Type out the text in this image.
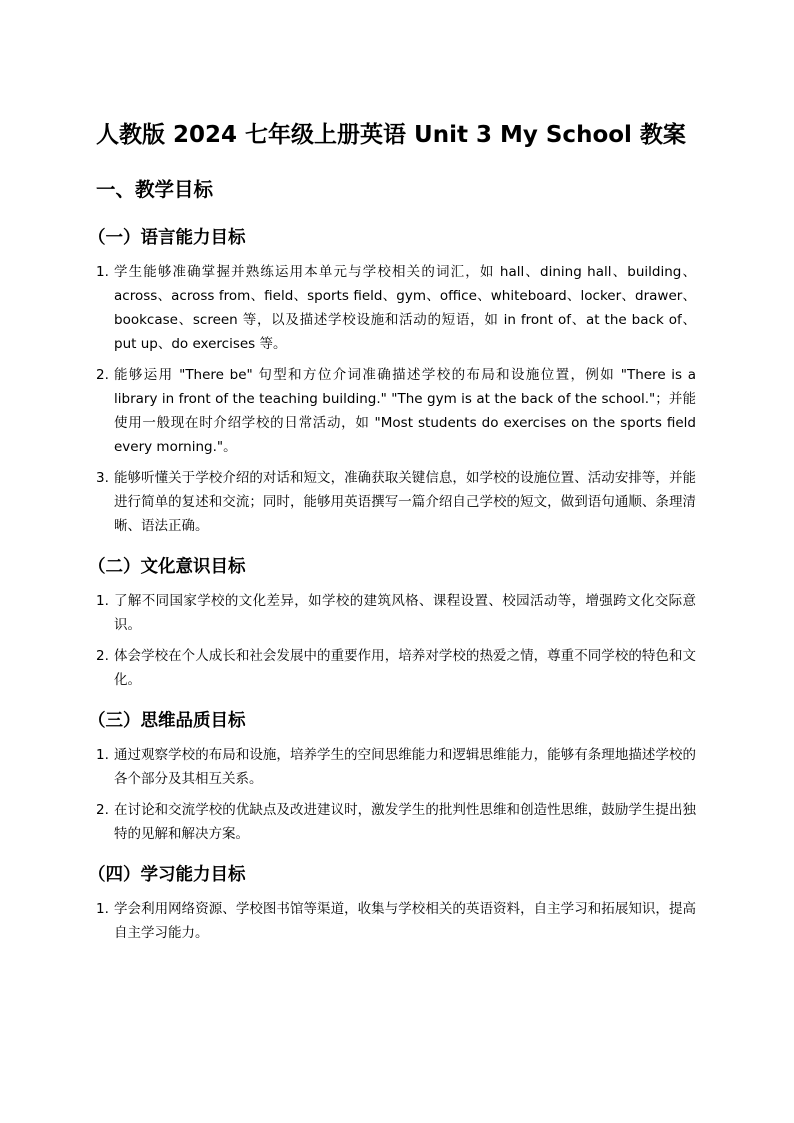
人教版 2024 七年级上册英语 Unit 3 My School 教案
一、教学目标
（一）语言能力目标
1. 学生能够准确掌握并熟练运用本单元与学校相关的词汇，如 hall、dining hall、building、across、across from、field、sports field、gym、office、whiteboard、locker、drawer、bookcase、screen 等，以及描述学校设施和活动的短语，如 in front of、at the back of、put up、do exercises 等。
2. 能够运用 "There be" 句型和方位介词准确描述学校的布局和设施位置，例如 "There is a library in front of the teaching building." "The gym is at the back of the school."；并能使用一般现在时介绍学校的日常活动，如 "Most students do exercises on the sports field every morning."。
3. 能够听懂关于学校介绍的对话和短文，准确获取关键信息，如学校的设施位置、活动安排等，并能进行简单的复述和交流；同时，能够用英语撰写一篇介绍自己学校的短文，做到语句通顺、条理清晰、语法正确。
（二）文化意识目标
1. 了解不同国家学校的文化差异，如学校的建筑风格、课程设置、校园活动等，增强跨文化交际意识。
2. 体会学校在个人成长和社会发展中的重要作用，培养对学校的热爱之情，尊重不同学校的特色和文化。
（三）思维品质目标
1. 通过观察学校的布局和设施，培养学生的空间思维能力和逻辑思维能力，能够有条理地描述学校的各个部分及其相互关系。
2. 在讨论和交流学校的优缺点及改进建议时，激发学生的批判性思维和创造性思维，鼓励学生提出独特的见解和解决方案。
（四）学习能力目标
1. 学会利用网络资源、学校图书馆等渠道，收集与学校相关的英语资料，自主学习和拓展知识，提高自主学习能力。
